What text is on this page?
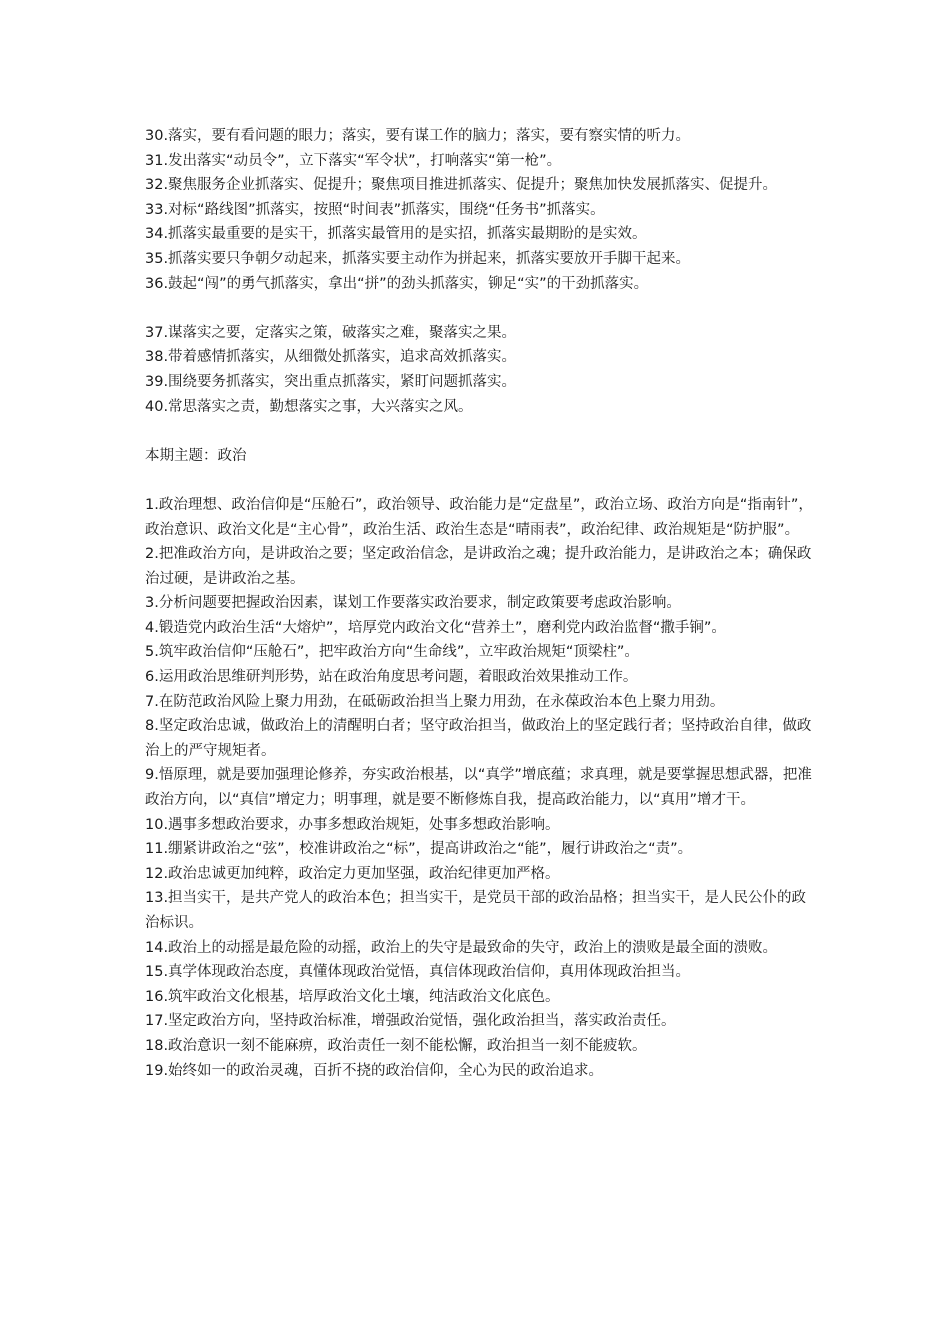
30.落实，要有看问题的眼力；落实，要有谋工作的脑力；落实，要有察实情的听力。

31.发出落实“动员令”，立下落实“军令状”，打响落实“第一枪”。

32.聚焦服务企业抓落实、促提升；聚焦项目推进抓落实、促提升；聚焦加快发展抓落实、促提升。

33.对标“路线图”抓落实，按照“时间表”抓落实，围绕“任务书”抓落实。

34.抓落实最重要的是实干，抓落实最管用的是实招，抓落实最期盼的是实效。

35.抓落实要只争朝夕动起来，抓落实要主动作为拼起来，抓落实要放开手脚干起来。

36.鼓起“闯”的勇气抓落实，拿出“拼”的劲头抓落实，铆足“实”的干劲抓落实。

37.谋落实之要，定落实之策，破落实之难，聚落实之果。

38.带着感情抓落实，从细微处抓落实，追求高效抓落实。

39.围绕要务抓落实，突出重点抓落实，紧盯问题抓落实。

40.常思落实之责，勤想落实之事，大兴落实之风。

本期主题：政治

1.政治理想、政治信仰是“压舱石”，政治领导、政治能力是“定盘星”，政治立场、政治方向是“指南针”，政治意识、政治文化是“主心骨”，政治生活、政治生态是“晴雨表”，政治纪律、政治规矩是“防护服”。

2.把准政治方向，是讲政治之要；坚定政治信念，是讲政治之魂；提升政治能力，是讲政治之本；确保政治过硬，是讲政治之基。

3.分析问题要把握政治因素，谋划工作要落实政治要求，制定政策要考虑政治影响。

4.锻造党内政治生活“大熔炉”，培厚党内政治文化“营养土”，磨利党内政治监督“撒手锏”。

5.筑牢政治信仰“压舱石”，把牢政治方向“生命线”，立牢政治规矩“顶梁柱”。

6.运用政治思维研判形势，站在政治角度思考问题，着眼政治效果推动工作。

7.在防范政治风险上聚力用劲，在砥砺政治担当上聚力用劲，在永葆政治本色上聚力用劲。

8.坚定政治忠诚，做政治上的清醒明白者；坚守政治担当，做政治上的坚定践行者；坚持政治自律，做政治上的严守规矩者。

9.悟原理，就是要加强理论修养，夯实政治根基，以“真学”增底蕴；求真理，就是要掌握思想武器，把准政治方向，以“真信”增定力；明事理，就是要不断修炼自我，提高政治能力，以“真用”增才干。

10.遇事多想政治要求，办事多想政治规矩，处事多想政治影响。

11.绷紧讲政治之“弦”，校准讲政治之“标”，提高讲政治之“能”，履行讲政治之“责”。

12.政治忠诚更加纯粹，政治定力更加坚强，政治纪律更加严格。

13.担当实干，是共产党人的政治本色；担当实干，是党员干部的政治品格；担当实干，是人民公仆的政治标识。

14.政治上的动摇是最危险的动摇，政治上的失守是最致命的失守，政治上的溃败是最全面的溃败。

15.真学体现政治态度，真懂体现政治觉悟，真信体现政治信仰，真用体现政治担当。

16.筑牢政治文化根基，培厚政治文化土壤，纯洁政治文化底色。

17.坚定政治方向，坚持政治标准，增强政治觉悟，强化政治担当，落实政治责任。

18.政治意识一刻不能麻痹，政治责任一刻不能松懈，政治担当一刻不能疲软。

19.始终如一的政治灵魂，百折不挠的政治信仰，全心为民的政治追求。
